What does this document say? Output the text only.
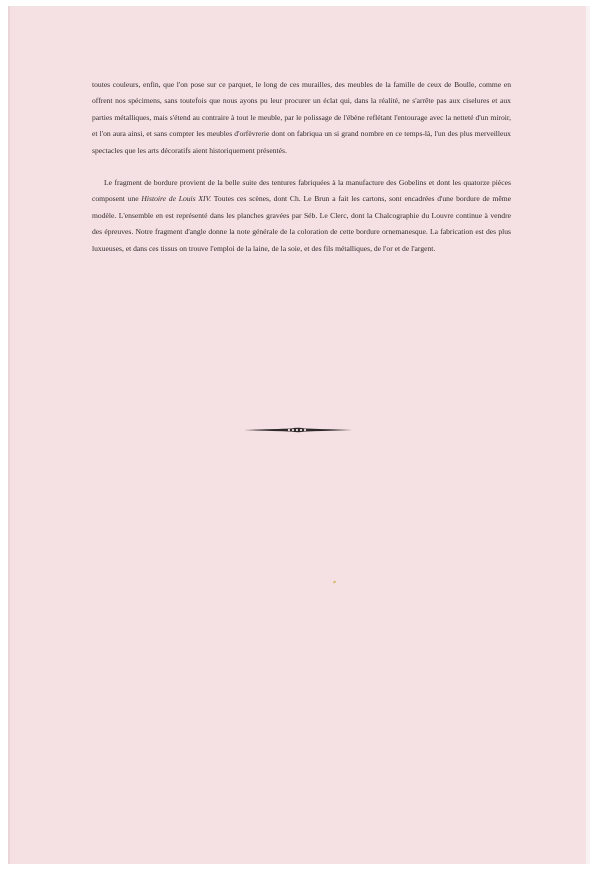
toutes couleurs, enfin, que l'on pose sur ce parquet, le long de ces murailles, des meubles de la famille de ceux de Boulle, comme en offrent nos spécimens, sans toutefois que nous ayons pu leur procurer un éclat qui, dans la réalité, ne s'arrête pas aux ciselures et aux parties métalliques, mais s'étend au contraire à tout le meuble, par le polissage de l'ébène reflétant l'entourage avec la netteté d'un miroir, et l'on aura ainsi, et sans compter les meubles d'orfèvrerie dont on fabriqua un si grand nombre en ce temps-là, l'un des plus merveilleux spectacles que les arts décoratifs aient historiquement présentés.

Le fragment de bordure provient de la belle suite des tentures fabriquées à la manufacture des Gobelins et dont les quatorze pièces composent une Histoire de Louis XIV. Toutes ces scènes, dont Ch. Le Brun a fait les cartons, sont encadrées d'une bordure de même modèle. L'ensemble en est représenté dans les planches gravées par Séb. Le Clerc, dont la Chalcographie du Louvre continue à vendre des épreuves. Notre fragment d'angle donne la note générale de la coloration de cette bordure ornemanesque. La fabrication est des plus luxueuses, et dans ces tissus on trouve l'emploi de la laine, de la soie, et des fils métalliques, de l'or et de l'argent.
